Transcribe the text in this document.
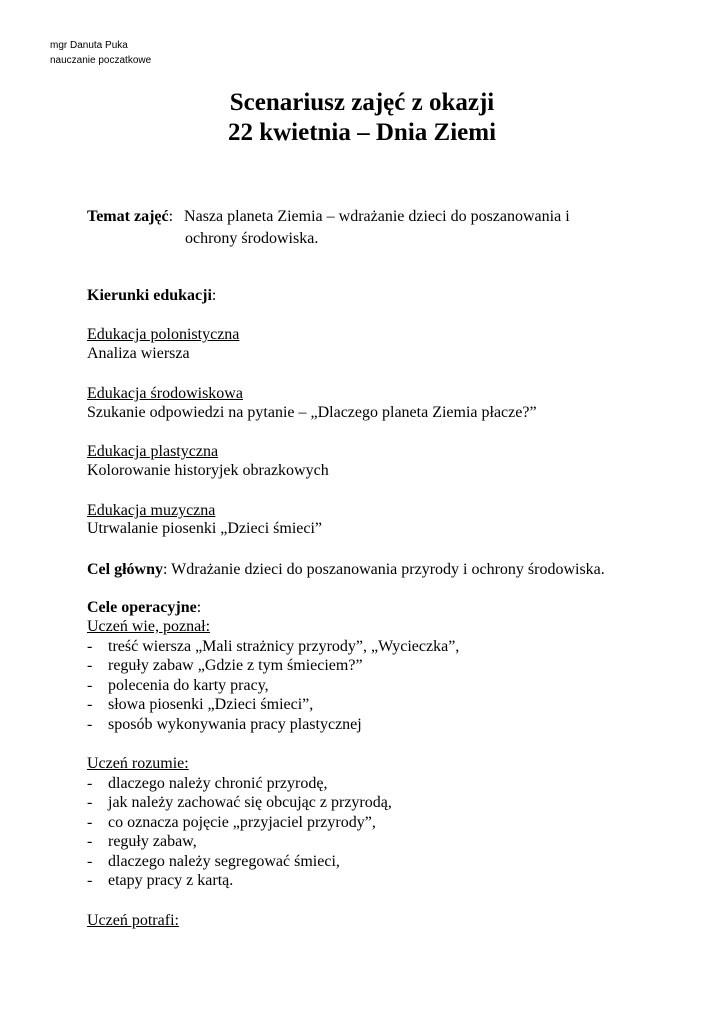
mgr Danuta Puka
nauczanie poczatkowe
Scenariusz zajęć z okazji
22 kwietnia – Dnia Ziemi
Temat zajęć: Nasza planeta Ziemia – wdrażanie dzieci do poszanowania i
ochrony środowiska.
Kierunki edukacji:
Edukacja polonistyczna
Analiza wiersza
Edukacja środowiskowa
Szukanie odpowiedzi na pytanie – „Dlaczego planeta Ziemia płacze?”
Edukacja plastyczna
Kolorowanie historyjek obrazkowych
Edukacja muzyczna
Utrwalanie piosenki „Dzieci śmieci”
Cel główny: Wdrażanie dzieci do poszanowania przyrody i ochrony środowiska.
Cele operacyjne:
Uczeń wie, poznał:
- treść wiersza „Mali strażnicy przyrody”, „Wycieczka”,
- reguły zabaw „Gdzie z tym śmieciem?”
- polecenia do karty pracy,
- słowa piosenki „Dzieci śmieci”,
- sposób wykonywania pracy plastycznej
Uczeń rozumie:
- dlaczego należy chronić przyrodę,
- jak należy zachować się obcując z przyrodą,
- co oznacza pojęcie „przyjaciel przyrody”,
- reguły zabaw,
- dlaczego należy segregować śmieci,
- etapy pracy z kartą.
Uczeń potrafi:
